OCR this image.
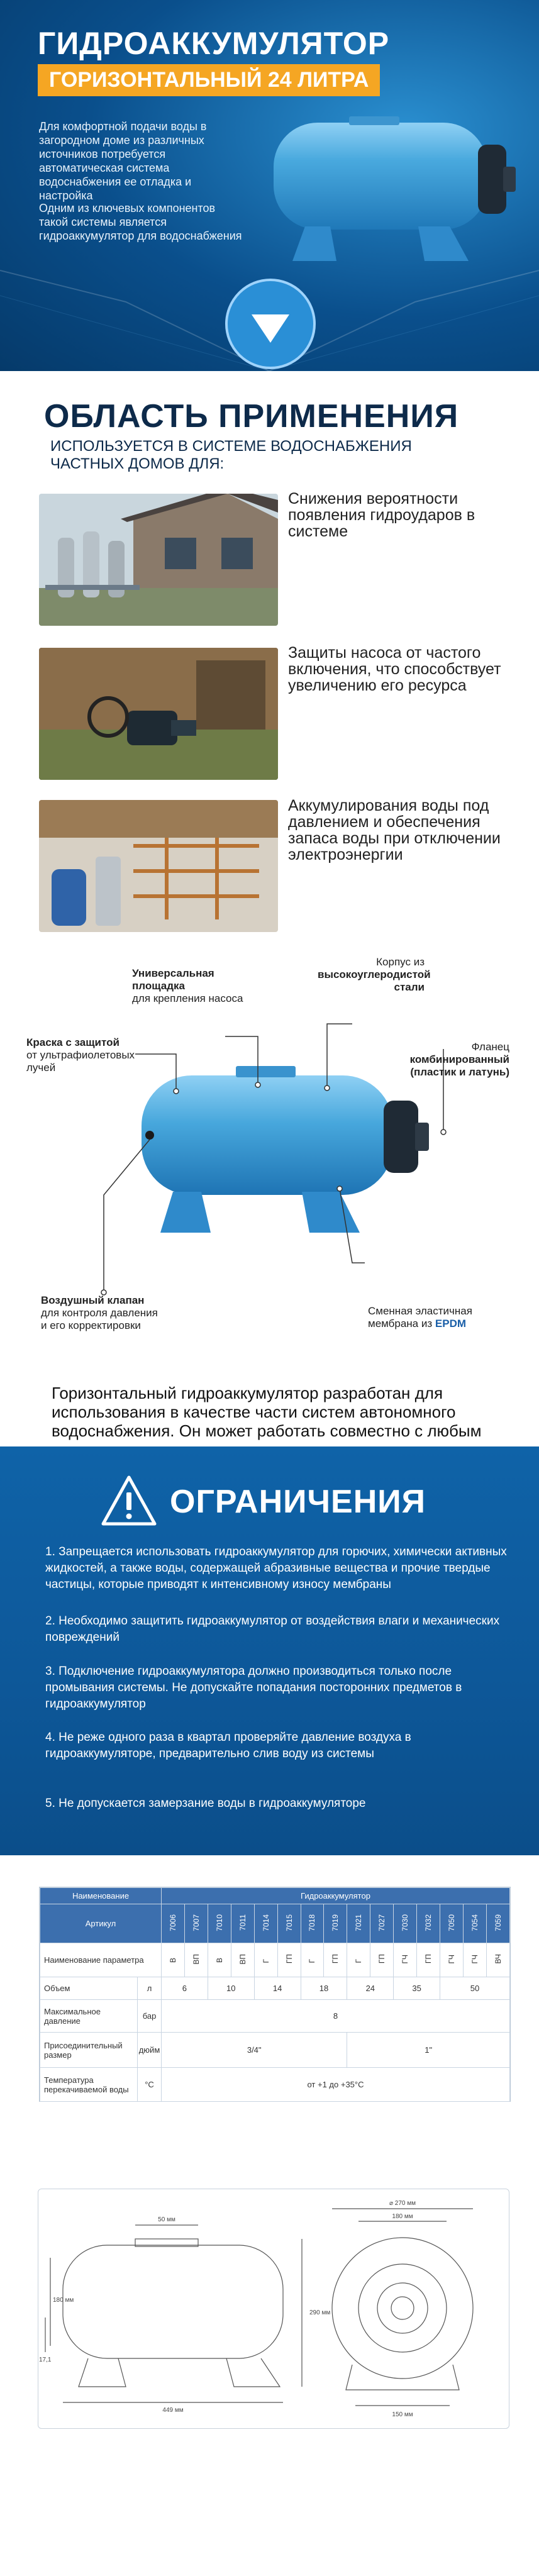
ГИДРОАККУМУЛЯТОР
ГОРИЗОНТАЛЬНЫЙ 24 ЛИТРА

Для комфортной подачи воды в загородном доме из различных источников потребуется автоматическая система водоснабжения ее отладка и настройка

Одним из ключевых компонентов такой системы является гидроаккумулятор для водоснабжения

ОБЛАСТЬ ПРИМЕНЕНИЯ

ИСПОЛЬЗУЕТСЯ В СИСТЕМЕ ВОДОСНАБЖЕНИЯ ЧАСТНЫХ ДОМОВ ДЛЯ:

Снижения вероятности появления гидроударов в системе

Защиты насоса от частого включения, что способствует увеличению его ресурса

Аккумулирования воды под давлением и обеспечения запаса воды при отключении электроэнергии

Универсальная площадка
для крепления насоса
Корпус из
высокоуглеродистой стали
Краска с защитой
от ультрафиолетовых лучей
Фланец
комбинированный (пластик и латунь)
Воздушный клапан
для контроля давления и его корректировки
Сменная эластичная мембрана из EPDM

Горизонтальный гидроаккумулятор разработан для использования в качестве части систем автономного водоснабжения. Он может работать совместно с любым

ОГРАНИЧЕНИЯ

1. Запрещается использовать гидроаккумулятор для горючих, химически активных жидкостей, а также воды, содержащей абразивные вещества и прочие твердые частицы, которые приводят к интенсивному износу мембраны

2. Необходимо защитить гидроаккумулятор от воздействия влаги и механических повреждений

3. Подключение гидроаккумулятора должно производиться только после промывания системы. Не допускайте попадания посторонних предметов в гидроаккумулятор

4. Не реже одного раза в квартал проверяйте давление воздуха в гидроаккумуляторе, предварительно слив воду из системы

5. Не допускается замерзание воды в гидроаккумуляторе

Наименование		Гидроаккумулятор														
Артикул		7006	7007	7010	7011	7014	7015	7018	7019	7021	7027	7030	7032	7050	7054	7059
Наименование параметра		В	ВП	В	ВП	Г	ГП	Г	ГП	Г	ГП	ГЧ	ГП	ГЧ	ГЧ	ВЧ
Объем	л	6		10		14		18		24		35		50		
Максимальное давление	бар	8														
Присоединительный размер	дюйм	3/4"								1"						
Температура перекачиваемой воды	°C	от +1 до +35°C														
⌀ 270 мм
180 мм
50 мм
449 мм
290 мм
180 мм
17,1
150 мм
